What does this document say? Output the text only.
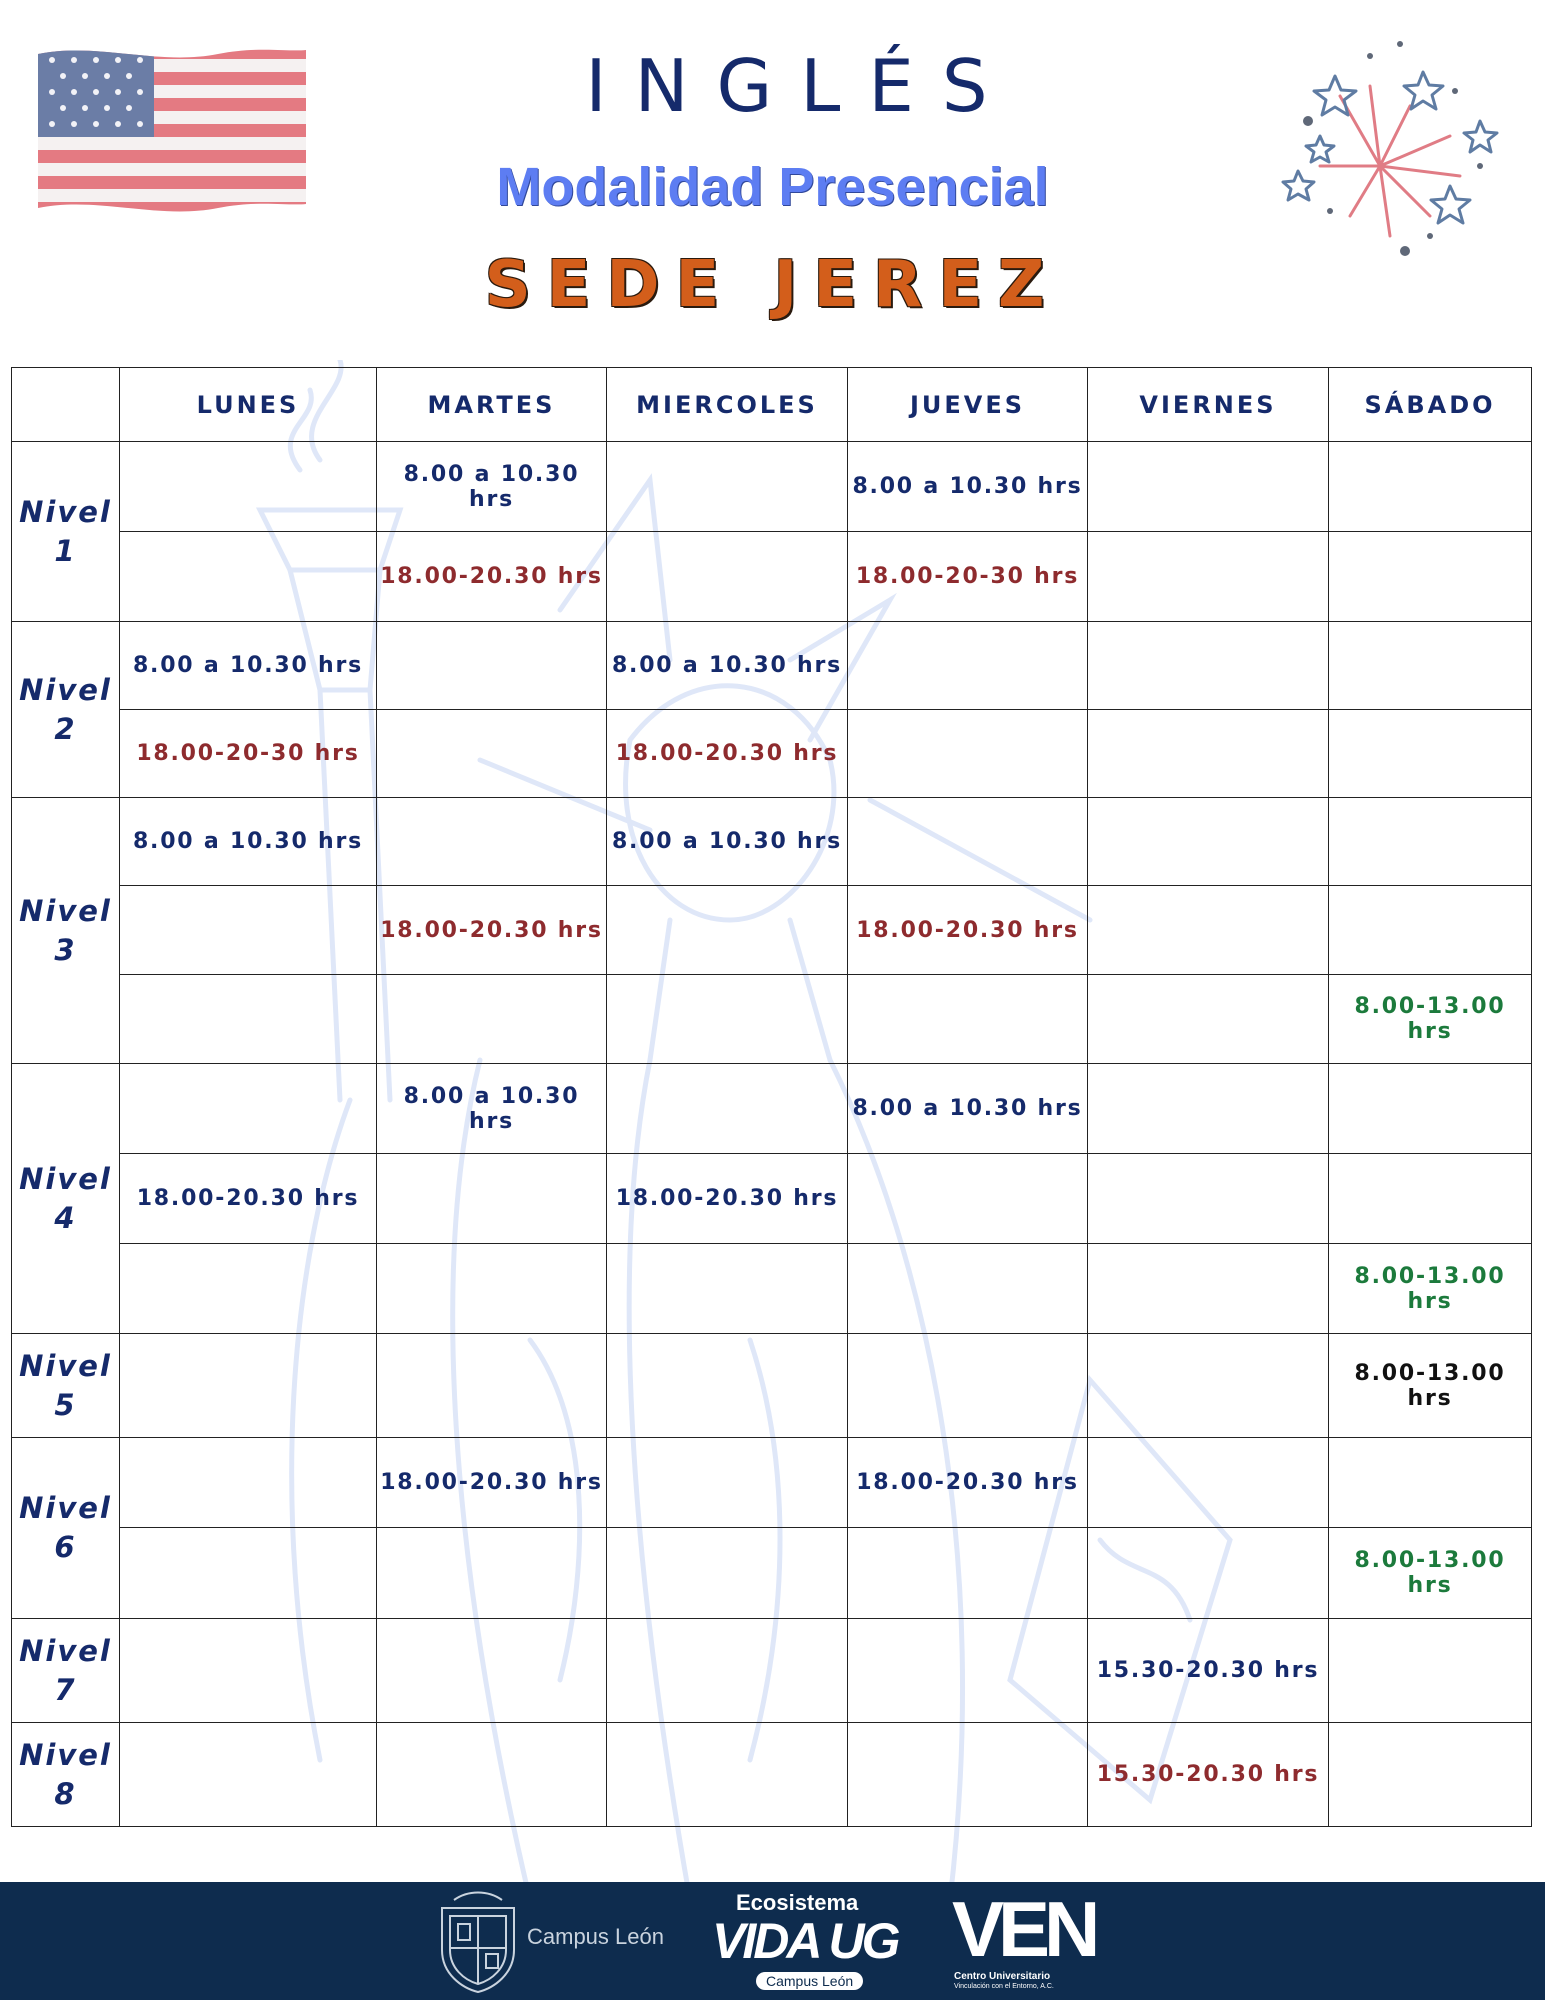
INGLÉS
Modalidad Presencial
SEDE JEREZ
	LUNES	MARTES	MIERCOLES	JUEVES	VIERNES	SÁBADO

Nivel
1		8.00 a 10.30 hrs		8.00 a 10.30 hrs		
		18.00-20.30 hrs		18.00-20-30 hrs		

Nivel
2	8.00 a 10.30 hrs		8.00 a 10.30 hrs			
	18.00-20-30 hrs		18.00-20.30 hrs			

Nivel
3	8.00 a 10.30 hrs		8.00 a 10.30 hrs			
		18.00-20.30 hrs		18.00-20.30 hrs		
						8.00-13.00 hrs

Nivel
4		8.00 a 10.30 hrs		8.00 a 10.30 hrs		
	18.00-20.30 hrs		18.00-20.30 hrs			
						8.00-13.00 hrs

Nivel
5						8.00-13.00 hrs

Nivel
6		18.00-20.30 hrs		18.00-20.30 hrs		
						8.00-13.00 hrs

Nivel
7					15.30-20.30 hrs	

Nivel
8					15.30-20.30 hrs	
Campus León
Ecosistema
VIDA UG
Campus León
VEN
Centro Universitario
Vinculación con el Entorno, A.C.
